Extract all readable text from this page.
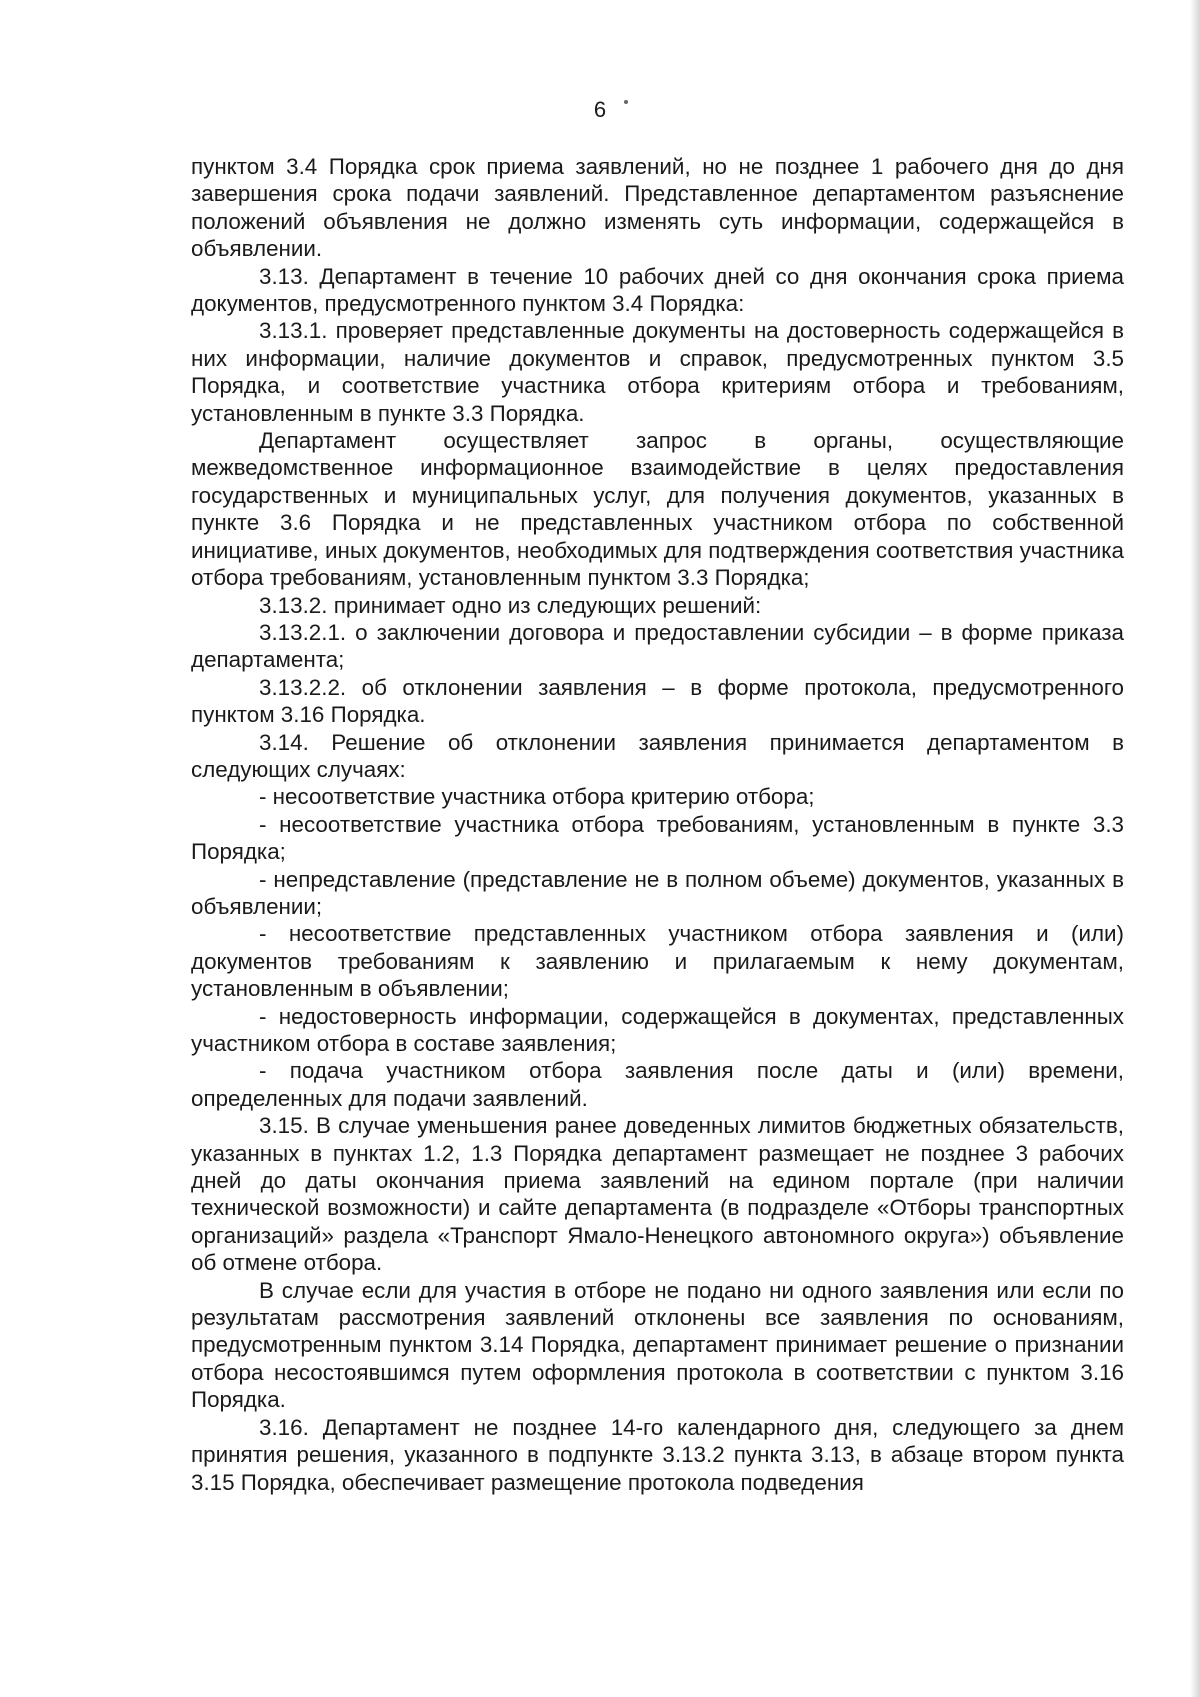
6

пунктом 3.4 Порядка срок приема заявлений, но не позднее 1 рабочего дня до дня завершения срока подачи заявлений. Представленное департаментом разъяснение положений объявления не должно изменять суть информации, содержащейся в объявлении.

3.13. Департамент в течение 10 рабочих дней со дня окончания срока приема документов, предусмотренного пунктом 3.4 Порядка:

3.13.1. проверяет представленные документы на достоверность содержащейся в них информации, наличие документов и справок, предусмотренных пунктом 3.5 Порядка, и соответствие участника отбора критериям отбора и требованиям, установленным в пункте 3.3 Порядка.

Департамент осуществляет запрос в органы, осуществляющие межведомственное информационное взаимодействие в целях предоставления государственных и муниципальных услуг, для получения документов, указанных в пункте 3.6 Порядка и не представленных участником отбора по собственной инициативе, иных документов, необходимых для подтверждения соответствия участника отбора требованиям, установленным пунктом 3.3 Порядка;

3.13.2. принимает одно из следующих решений:

3.13.2.1. о заключении договора и предоставлении субсидии – в форме приказа департамента;

3.13.2.2. об отклонении заявления – в форме протокола, предусмотренного пунктом 3.16 Порядка.

3.14. Решение об отклонении заявления принимается департаментом в следующих случаях:

- несоответствие участника отбора критерию отбора;

- несоответствие участника отбора требованиям, установленным в пункте 3.3 Порядка;

- непредставление (представление не в полном объеме) документов, указанных в объявлении;

- несоответствие представленных участником отбора заявления и (или) документов требованиям к заявлению и прилагаемым к нему документам, установленным в объявлении;

- недостоверность информации, содержащейся в документах, представленных участником отбора в составе заявления;

- подача участником отбора заявления после даты и (или) времени, определенных для подачи заявлений.

3.15. В случае уменьшения ранее доведенных лимитов бюджетных обязательств, указанных в пунктах 1.2, 1.3 Порядка департамент размещает не позднее 3 рабочих дней до даты окончания приема заявлений на едином портале (при наличии технической возможности) и сайте департамента (в подразделе «Отборы транспортных организаций» раздела «Транспорт Ямало-Ненецкого автономного округа») объявление об отмене отбора.

В случае если для участия в отборе не подано ни одного заявления или если по результатам рассмотрения заявлений отклонены все заявления по основаниям, предусмотренным пунктом 3.14 Порядка, департамент принимает решение о признании отбора несостоявшимся путем оформления протокола в соответствии с пунктом 3.16 Порядка.

3.16. Департамент не позднее 14-го календарного дня, следующего за днем принятия решения, указанного в подпункте 3.13.2 пункта 3.13, в абзаце втором пункта 3.15 Порядка, обеспечивает размещение протокола подведения
